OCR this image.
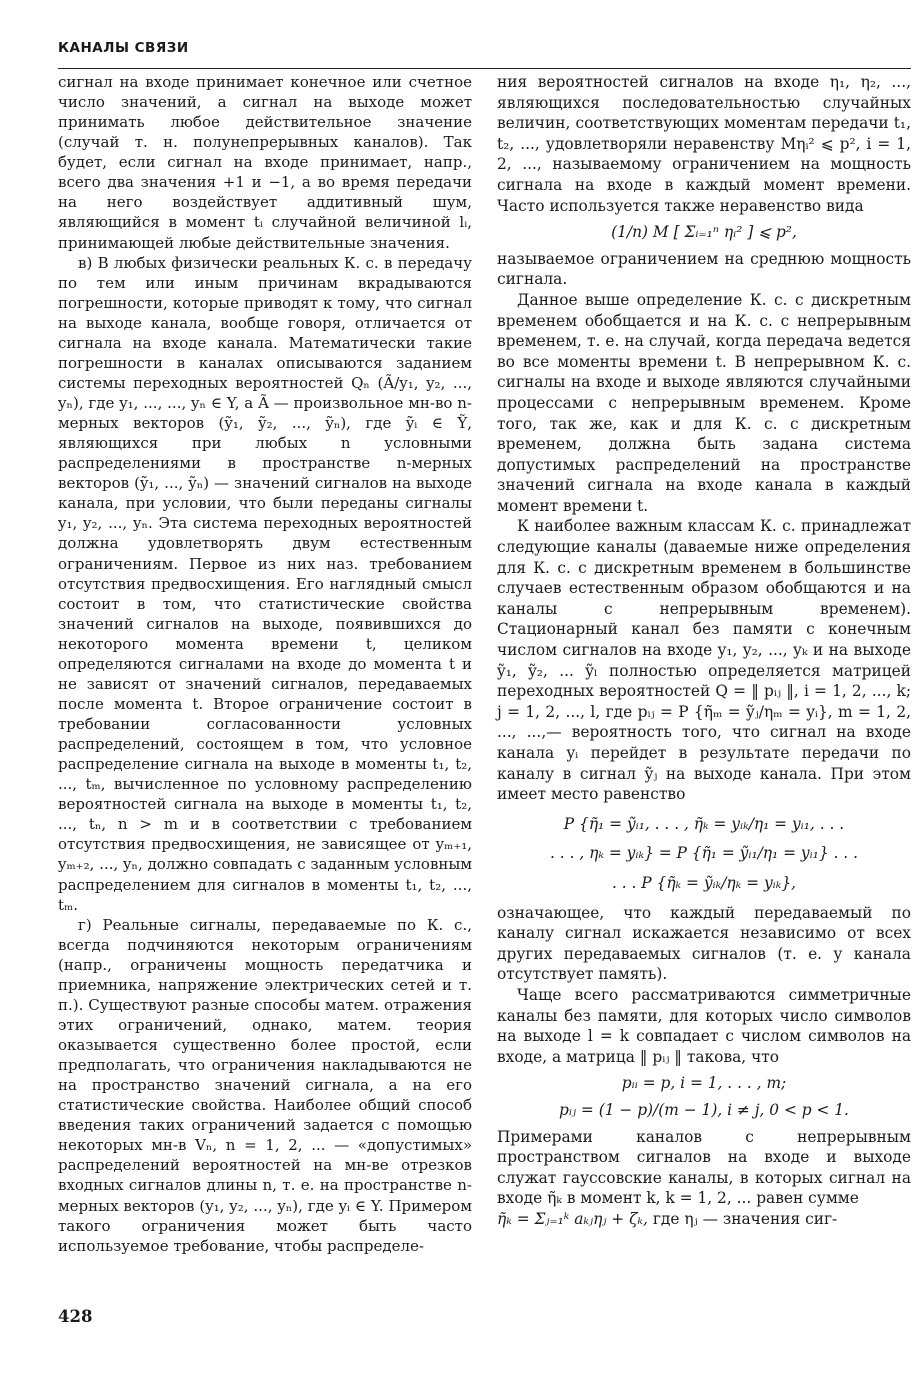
КАНАЛЫ СВЯЗИ

сигнал на входе принимает конечное или счетное число значений, а сигнал на выходе может принимать любое действительное значение (случай т. н. полунепрерывных каналов). Так будет, если сигнал на входе принимает, напр., всего два значения +1 и −1, а во время передачи на него воздействует аддитивный шум, являющийся в момент tᵢ случайной величиной lᵢ, принимающей любые действительные значения.

в) В любых физически реальных К. с. в передачу по тем или иным причинам вкрадываются погрешности, которые приводят к тому, что сигнал на выходе канала, вообще говоря, отличается от сигнала на входе канала. Математически такие погрешности в каналах описываются заданием системы переходных вероятностей Qₙ (Ã/y₁, y₂, ..., yₙ), где y₁, ..., ..., yₙ ∈ Y, а Ã — произвольное мн-во n-мерных векторов (ỹ₁, ỹ₂, ..., ỹₙ), где ỹᵢ ∈ Ỹ, являющихся при любых n условными распределениями в пространстве n-мерных векторов (ỹ₁, ..., ỹₙ) — значений сигналов на выходе канала, при условии, что были переданы сигналы y₁, y₂, ..., yₙ. Эта система переходных вероятностей должна удовлетворять двум естественным ограничениям. Первое из них наз. требованием отсутствия предвосхищения. Его наглядный смысл состоит в том, что статистические свойства значений сигналов на выходе, появившихся до некоторого момента времени t, целиком определяются сигналами на входе до момента t и не зависят от значений сигналов, передаваемых после момента t. Второе ограничение состоит в требовании согласованности условных распределений, состоящем в том, что условное распределение сигнала на выходе в моменты t₁, t₂, ..., tₘ, вычисленное по условному распределению вероятностей сигнала на выходе в моменты t₁, t₂, ..., tₙ, n > m и в соответствии с требованием отсутствия предвосхищения, не зависящее от yₘ₊₁, yₘ₊₂, ..., yₙ, должно совпадать с заданным условным распределением для сигналов в моменты t₁, t₂, ..., tₘ.

г) Реальные сигналы, передаваемые по К. с., всегда подчиняются некоторым ограничениям (напр., ограничены мощность передатчика и приемника, напряжение электрических сетей и т. п.). Существуют разные способы матем. отражения этих ограничений, однако, матем. теория оказывается существенно более простой, если предполагать, что ограничения накладываются не на пространство значений сигнала, а на его статистические свойства. Наиболее общий способ введения таких ограничений задается с помощью некоторых мн-в Vₙ, n = 1, 2, ... — «допустимых» распределений вероятностей на мн-ве отрезков входных сигналов длины n, т. е. на пространстве n-мерных векторов (y₁, y₂, ..., yₙ), где yᵢ ∈ Y. Примером такого ограничения может быть часто используемое требование, чтобы распределе-

ния вероятностей сигналов на входе η₁, η₂, ..., являющихся последовательностью случайных величин, соответствующих моментам передачи t₁, t₂, ..., удовлетворяли неравенству Mηᵢ² ⩽ p², i = 1, 2, ..., называемому ограничением на мощность сигнала на входе в каждый момент времени. Часто используется также неравенство вида

(1/n) M [ Σᵢ₌₁ⁿ ηᵢ² ] ⩽ p²,

называемое ограничением на среднюю мощность сигнала.

Данное выше определение К. с. с дискретным временем обобщается и на К. с. с непрерывным временем, т. е. на случай, когда передача ведется во все моменты времени t. В непрерывном К. с. сигналы на входе и выходе являются случайными процессами с непрерывным временем. Кроме того, так же, как и для К. с. с дискретным временем, должна быть задана система допустимых распределений на пространстве значений сигнала на входе канала в каждый момент времени t.

К наиболее важным классам К. с. принадлежат следующие каналы (даваемые ниже определения для К. с. с дискретным временем в большинстве случаев естественным образом обобщаются и на каналы с непрерывным временем). Стационарный канал без памяти с конечным числом сигналов на входе y₁, y₂, ..., yₖ и на выходе ỹ₁, ỹ₂, ... ỹₗ полностью определяется матрицей переходных вероятностей Q = ‖ pᵢⱼ ‖, i = 1, 2, ..., k; j = 1, 2, ..., l, где pᵢⱼ = P {η̃ₘ = ỹⱼ/ηₘ = yᵢ}, m = 1, 2, ..., ...,— вероятность того, что сигнал на входе канала yᵢ перейдет в результате передачи по каналу в сигнал ỹⱼ на выходе канала. При этом имеет место равенство

P {η̃₁ = ỹᵢ₁, . . . , η̃ₖ = yᵢₖ/η₁ = yᵢ₁, . . .
. . . , ηₖ = yᵢₖ} = P {η̃₁ = ỹᵢ₁/η₁ = yᵢ₁} . . .
. . . P {η̃ₖ = ỹᵢₖ/ηₖ = yᵢₖ},

означающее, что каждый передаваемый по каналу сигнал искажается независимо от всех других передаваемых сигналов (т. е. у канала отсутствует память).

Чаще всего рассматриваются симметричные каналы без памяти, для которых число символов на выходе l = k совпадает с числом символов на входе, а матрица ‖ pᵢⱼ ‖ такова, что

pᵢᵢ = p, i = 1, . . . , m;
pᵢⱼ = (1 − p)/(m − 1), i ≠ j, 0 < p < 1.

Примерами каналов с непрерывным пространством сигналов на входе и выходе служат гауссовские каналы, в которых сигнал на входе η̃ₖ в момент k, k = 1, 2, ... равен сумме

η̃ₖ = Σⱼ₌₁ᵏ aₖⱼηⱼ + ζₖ, где ηⱼ — значения сиг-

428
